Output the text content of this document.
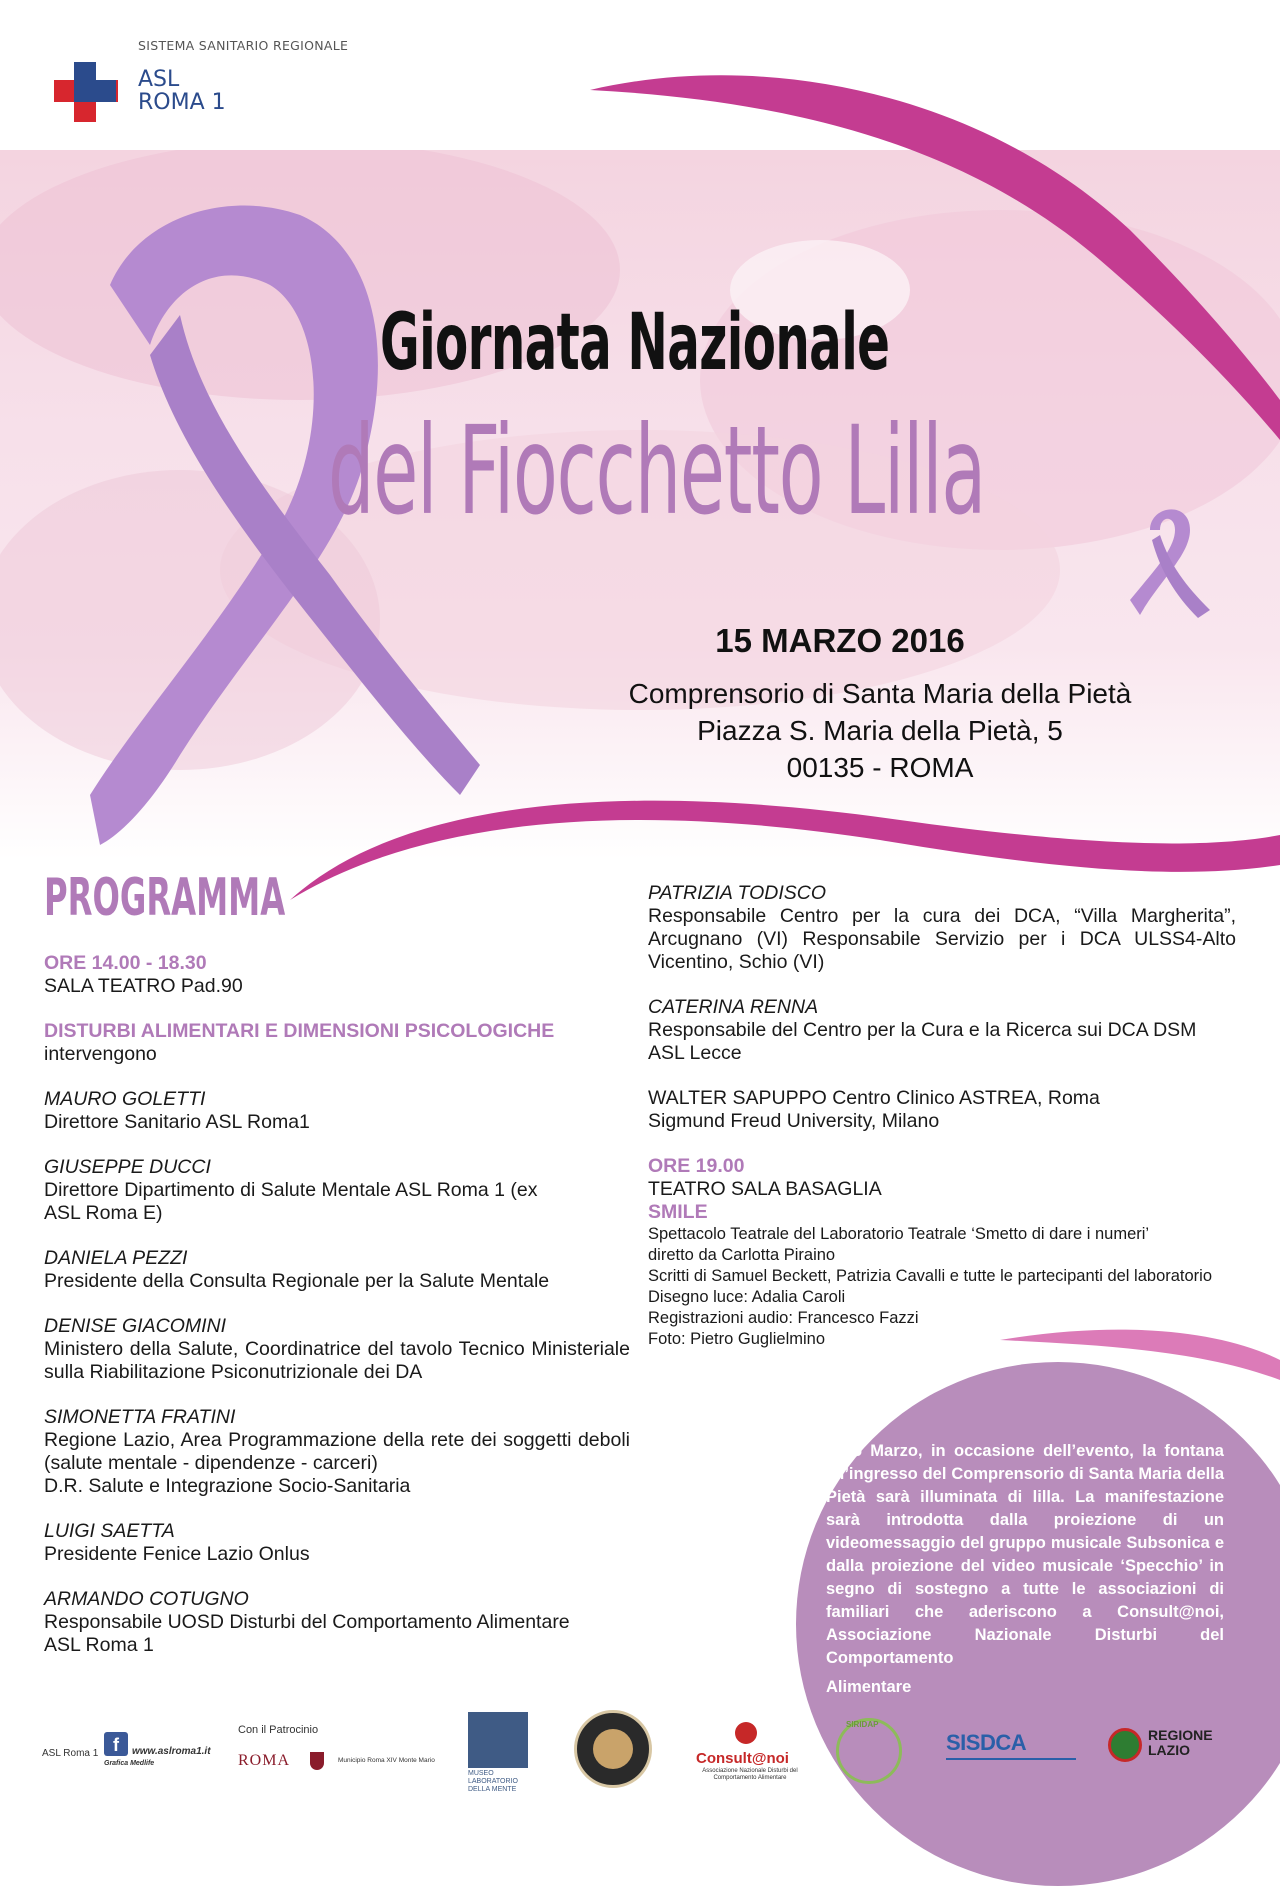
SISTEMA SANITARIO REGIONALE
ASL
ROMA 1
Giornata Nazionale
del Fiocchetto Lilla
15 MARZO 2016
Comprensorio di Santa Maria della Pietà
Piazza S. Maria della Pietà, 5
00135 - ROMA
PROGRAMMA

ORE 14.00 - 18.30

SALA TEATRO Pad.90

DISTURBI ALIMENTARI E DIMENSIONI PSICOLOGICHE

intervengono

MAURO GOLETTI

Direttore Sanitario ASL Roma1

GIUSEPPE DUCCI

Direttore Dipartimento di Salute Mentale ASL Roma 1 (ex ASL Roma E)

DANIELA PEZZI

Presidente della Consulta Regionale per la Salute Mentale

DENISE GIACOMINI

Ministero della Salute, Coordinatrice del tavolo Tecnico Ministeriale sulla Riabilitazione Psiconutrizionale dei DA

SIMONETTA FRATINI

Regione Lazio, Area Programmazione della rete dei soggetti deboli (salute mentale - dipendenze - carceri)

D.R. Salute e Integrazione Socio-Sanitaria

LUIGI SAETTA

Presidente Fenice Lazio Onlus

ARMANDO COTUGNO

Responsabile UOSD Disturbi del Comportamento Alimentare

ASL Roma 1

PATRIZIA TODISCO

Responsabile Centro per la cura dei DCA, “Villa Margherita”, Arcugnano (VI) Responsabile Servizio per i DCA ULSS4-Alto Vicentino, Schio (VI)

CATERINA RENNA

Responsabile del Centro per la Cura e la Ricerca sui DCA DSM ASL Lecce

WALTER SAPUPPO Centro Clinico ASTREA, Roma

Sigmund Freud University, Milano

ORE 19.00

TEATRO SALA BASAGLIA

SMILE

Spettacolo Teatrale del Laboratorio Teatrale ‘Smetto di dare i numeri’

diretto da Carlotta Piraino

Scritti di Samuel Beckett, Patrizia Cavalli e tutte le partecipanti del laboratorio

Disegno luce: Adalia Caroli

Registrazioni audio: Francesco Fazzi

Foto: Pietro Guglielmino

Il 15 Marzo, in occasione dell’evento, la fontana all’ingresso del Comprensorio di Santa Maria della Pietà sarà illuminata di lilla. La manifestazione sarà introdotta dalla proiezione di un videomessaggio del gruppo musicale Subsonica e dalla proiezione del video musicale ‘Specchio’ in segno di sostegno a tutte le associazioni di familiari che aderiscono a Consult@noi, Associazione Nazionale Disturbi del Comportamento
Alimentare
ASL Roma 1 f	www.aslroma1.it
Grafica Medlife
Con il Patrocinio
ROMA	Municipio Roma XIV Monte Mario
MUSEO LABORATORIO DELLA MENTE
Consult@noi
Associazione Nazionale Disturbi del Comportamento Alimentare
SIRIDAP
SISDCA	REGIONE
LAZIO
